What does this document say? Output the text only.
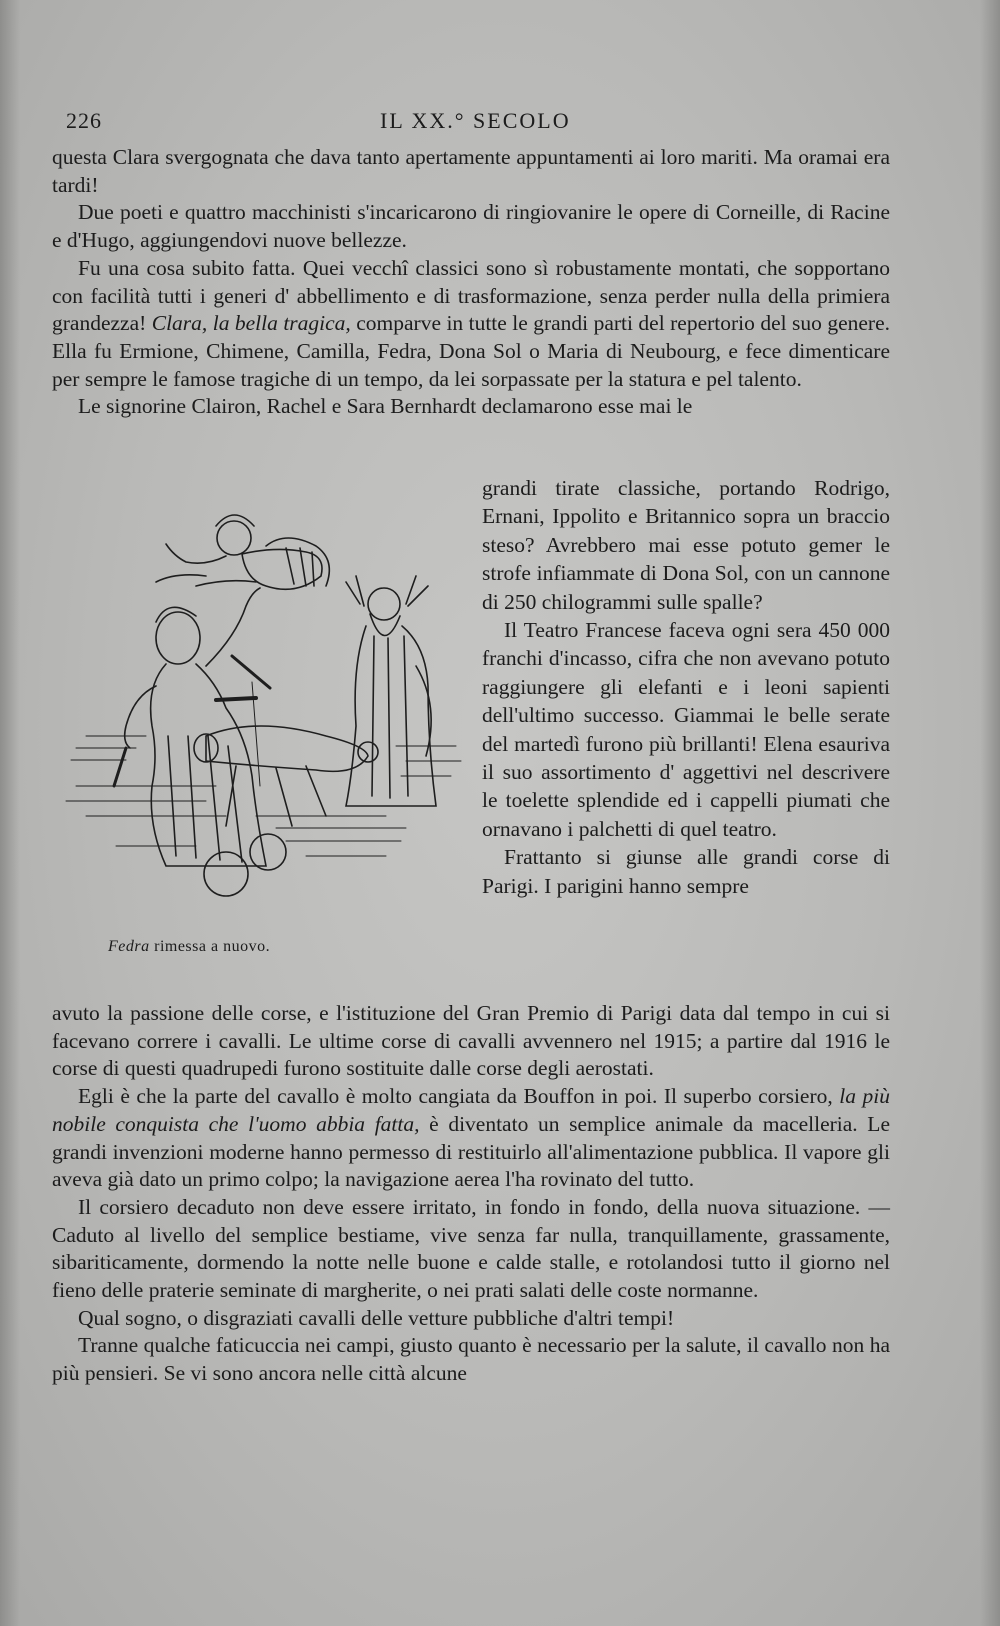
226	IL XX.° SECOLO

questa Clara svergognata che dava tanto apertamente appuntamenti ai loro mariti. Ma oramai era tardi!

Due poeti e quattro macchinisti s'incaricarono di ringiovanire le opere di Corneille, di Racine e d'Hugo, aggiungendovi nuove bellezze.

Fu una cosa subito fatta. Quei vecchî classici sono sì robustamente montati, che sopportano con facilità tutti i generi d' abbellimento e di trasformazione, senza perder nulla della primiera grandezza! Clara, la bella tragica, comparve in tutte le grandi parti del repertorio del suo genere. Ella fu Ermione, Chimene, Camilla, Fedra, Dona Sol o Maria di Neubourg, e fece dimenticare per sempre le famose tragiche di un tempo, da lei sorpassate per la statura e pel talento.

Le signorine Clairon, Rachel e Sara Bernhardt declamarono esse mai le

Fedra rimessa a nuovo.

grandi tirate classiche, portando Rodrigo, Ernani, Ippolito e Britannico sopra un braccio steso? Avrebbero mai esse potuto gemer le strofe infiammate di Dona Sol, con un cannone di 250 chilogrammi sulle spalle?

Il Teatro Francese faceva ogni sera 450 000 franchi d'incasso, cifra che non avevano potuto raggiungere gli elefanti e i leoni sapienti dell'ultimo successo. Giammai le belle serate del martedì furono più brillanti! Elena esauriva il suo assortimento d' aggettivi nel descrivere le toelette splendide ed i cappelli piumati che ornavano i palchetti di quel teatro.

Frattanto si giunse alle grandi corse di Parigi. I parigini hanno sempre

avuto la passione delle corse, e l'istituzione del Gran Premio di Parigi data dal tempo in cui si facevano correre i cavalli. Le ultime corse di cavalli avvennero nel 1915; a partire dal 1916 le corse di questi quadrupedi furono sostituite dalle corse degli aerostati.

Egli è che la parte del cavallo è molto cangiata da Bouffon in poi. Il superbo corsiero, la più nobile conquista che l'uomo abbia fatta, è diventato un semplice animale da macelleria. Le grandi invenzioni moderne hanno permesso di restituirlo all'alimentazione pubblica. Il vapore gli aveva già dato un primo colpo; la navigazione aerea l'ha rovinato del tutto.

Il corsiero decaduto non deve essere irritato, in fondo in fondo, della nuova situazione. — Caduto al livello del semplice bestiame, vive senza far nulla, tranquillamente, grassamente, sibariticamente, dormendo la notte nelle buone e calde stalle, e rotolandosi tutto il giorno nel fieno delle praterie seminate di margherite, o nei prati salati delle coste normanne.

Qual sogno, o disgraziati cavalli delle vetture pubbliche d'altri tempi!

Tranne qualche faticuccia nei campi, giusto quanto è necessario per la salute, il cavallo non ha più pensieri. Se vi sono ancora nelle città alcune
